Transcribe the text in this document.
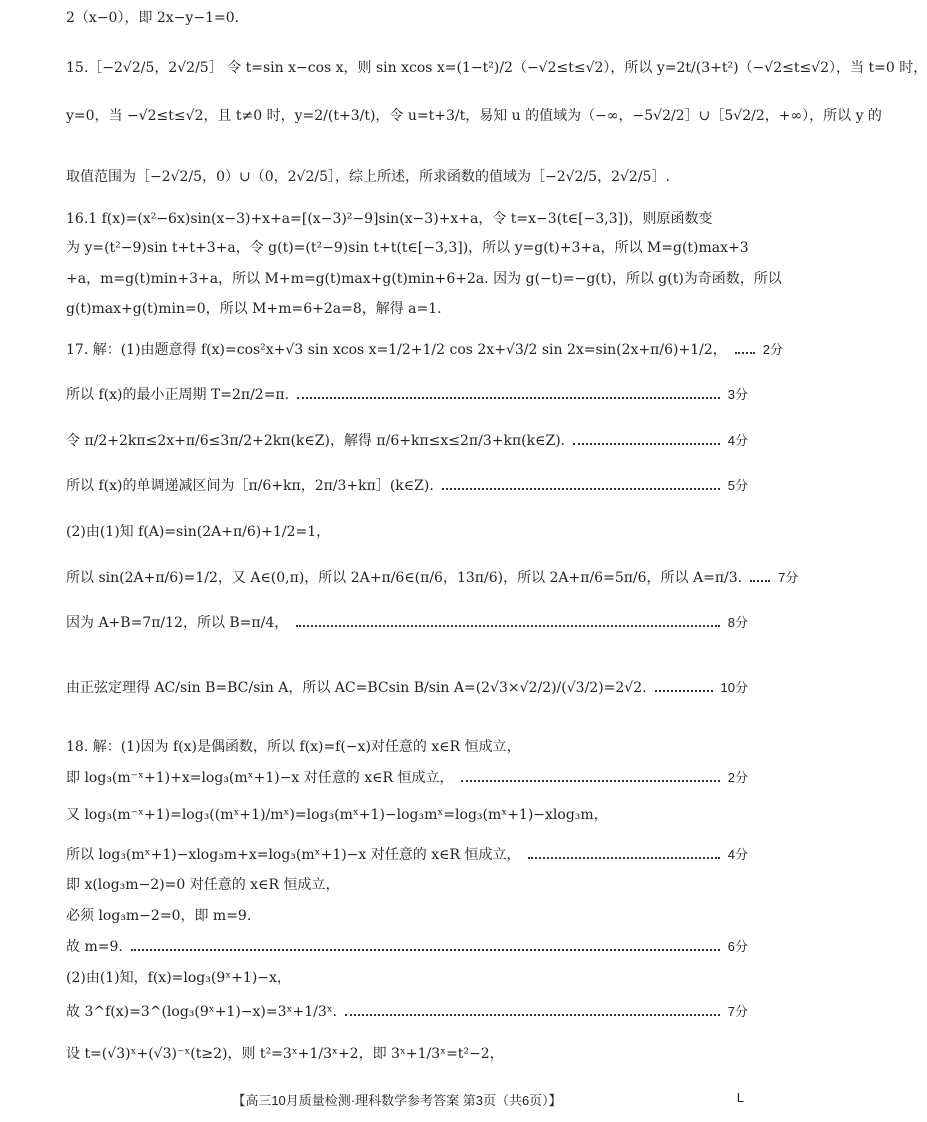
2（x−0），即 2x−y−1=0.
15.［−2√2/5，2√2/5］ 令 t=sin x−cos x，则 sin xcos x=(1−t²)/2（−√2≤t≤√2），所以 y=2t/(3+t²)（−√2≤t≤√2），当 t=0 时，
y=0，当 −√2≤t≤√2，且 t≠0 时，y=2/(t+3/t)，令 u=t+3/t，易知 u 的值域为（−∞，−5√2/2］∪［5√2/2，+∞），所以 y 的
取值范围为［−2√2/5，0）∪（0，2√2/5］，综上所述，所求函数的值域为［−2√2/5，2√2/5］.
16.1 f(x)=(x²−6x)sin(x−3)+x+a=[(x−3)²−9]sin(x−3)+x+a，令 t=x−3(t∈[−3,3])，则原函数变
为 y=(t²−9)sin t+t+3+a，令 g(t)=(t²−9)sin t+t(t∈[−3,3])，所以 y=g(t)+3+a，所以 M=g(t)max+3
+a，m=g(t)min+3+a，所以 M+m=g(t)max+g(t)min+6+2a. 因为 g(−t)=−g(t)，所以 g(t)为奇函数，所以
g(t)max+g(t)min=0，所以 M+m=6+2a=8，解得 a=1.
17. 解：(1)由题意得 f(x)=cos²x+√3 sin xcos x=1/2+1/2 cos 2x+√3/2 sin 2x=sin(2x+π/6)+1/2，	2分
所以 f(x)的最小正周期 T=2π/2=π.	3分
令 π/2+2kπ≤2x+π/6≤3π/2+2kπ(k∈Z)，解得 π/6+kπ≤x≤2π/3+kπ(k∈Z).	4分
所以 f(x)的单调递减区间为［π/6+kπ，2π/3+kπ］(k∈Z).	5分
(2)由(1)知 f(A)=sin(2A+π/6)+1/2=1，
所以 sin(2A+π/6)=1/2，又 A∈(0,π)，所以 2A+π/6∈(π/6，13π/6)，所以 2A+π/6=5π/6，所以 A=π/3.	7分
因为 A+B=7π/12，所以 B=π/4，	8分
由正弦定理得 AC/sin B=BC/sin A，所以 AC=BCsin B/sin A=(2√3×√2/2)/(√3/2)=2√2.	10分
18. 解：(1)因为 f(x)是偶函数，所以 f(x)=f(−x)对任意的 x∈R 恒成立，
即 log₃(m⁻ˣ+1)+x=log₃(mˣ+1)−x 对任意的 x∈R 恒成立，	2分
又 log₃(m⁻ˣ+1)=log₃((mˣ+1)/mˣ)=log₃(mˣ+1)−log₃mˣ=log₃(mˣ+1)−xlog₃m，
所以 log₃(mˣ+1)−xlog₃m+x=log₃(mˣ+1)−x 对任意的 x∈R 恒成立，	4分
即 x(log₃m−2)=0 对任意的 x∈R 恒成立，
必须 log₃m−2=0，即 m=9.
故 m=9.	6分
(2)由(1)知，f(x)=log₃(9ˣ+1)−x，
故 3^f(x)=3^(log₃(9ˣ+1)−x)=3ˣ+1/3ˣ.	7分
设 t=(√3)ˣ+(√3)⁻ˣ(t≥2)，则 t²=3ˣ+1/3ˣ+2，即 3ˣ+1/3ˣ=t²−2，
【高三10月质量检测·理科数学参考答案 第3页（共6页）】	L
